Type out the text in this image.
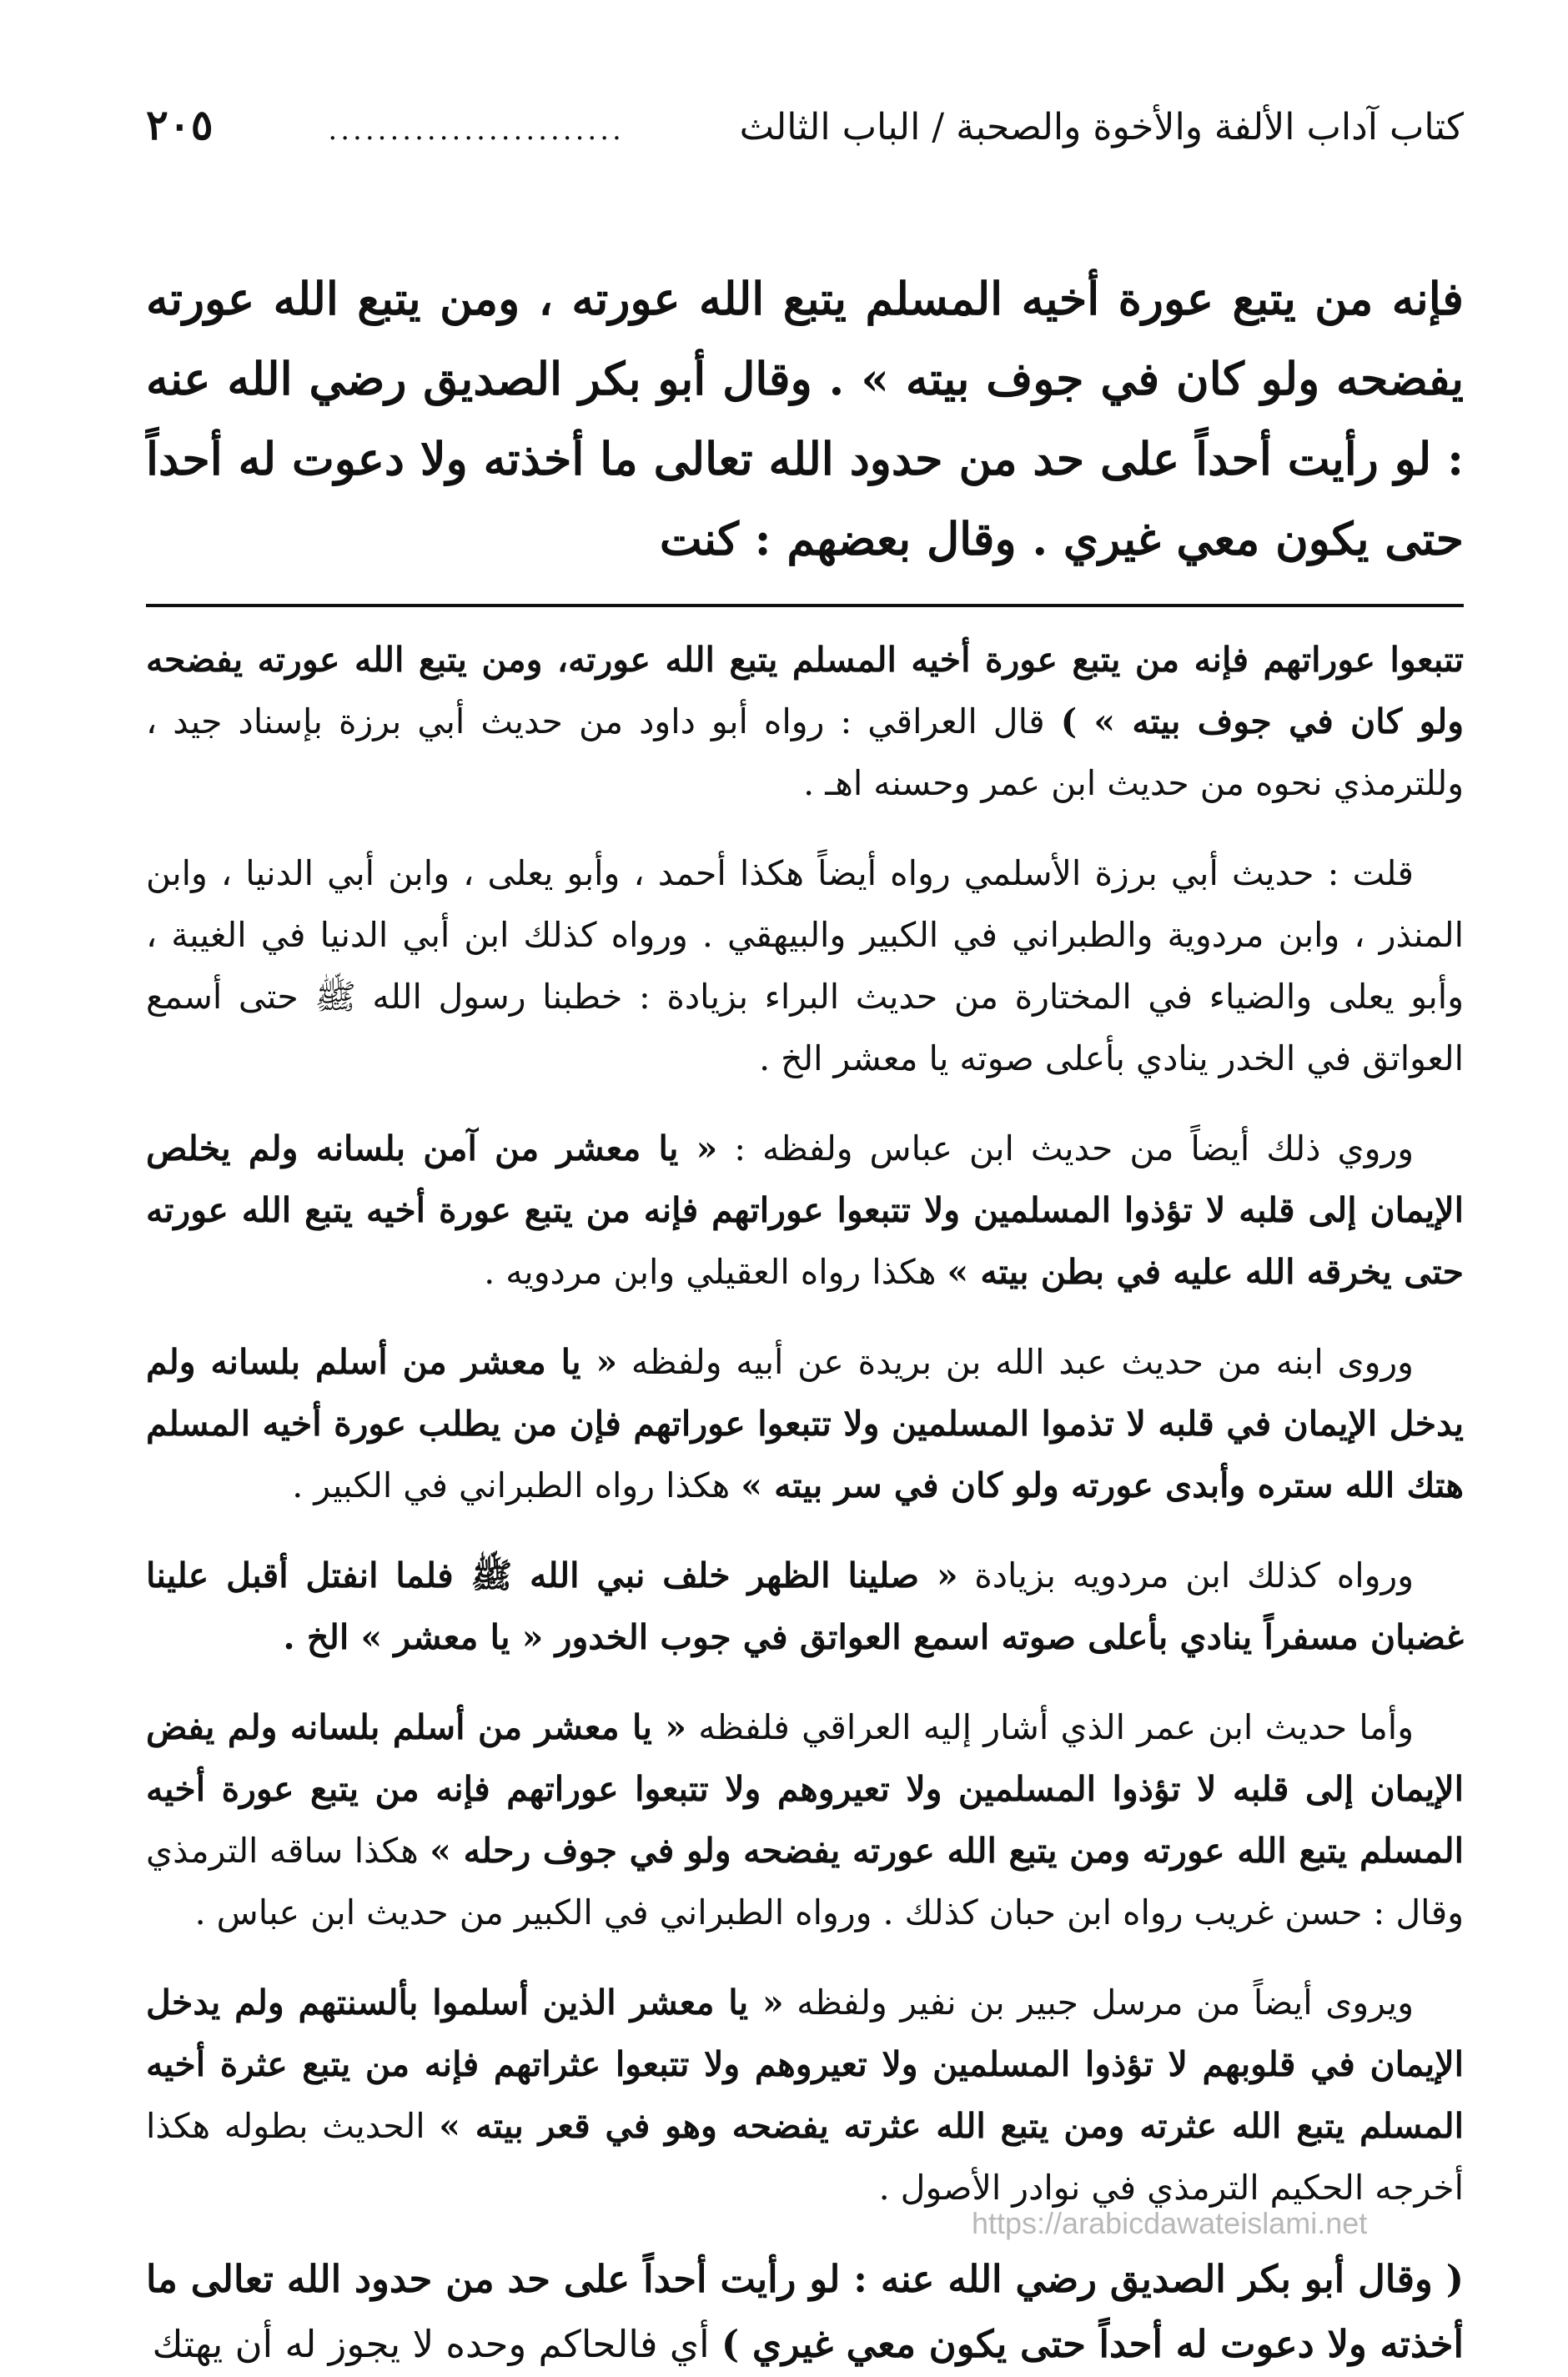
كتاب آداب الألفة والأخوة والصحبة / الباب الثالث
........................
٢٠٥
فإنه من يتبع عورة أخيه المسلم يتبع الله عورته ، ومن يتبع الله عورته يفضحه ولو كان في جوف بيته » . وقال أبو بكر الصديق رضي الله عنه : لو رأيت أحداً على حد من حدود الله تعالى ما أخذته ولا دعوت له أحداً حتى يكون معي غيري . وقال بعضهم : كنت

تتبعوا عوراتهم فإنه من يتبع عورة أخيه المسلم يتبع الله عورته، ومن يتبع الله عورته يفضحه ولو كان في جوف بيته » ) قال العراقي : رواه أبو داود من حديث أبي برزة بإسناد جيد ، وللترمذي نحوه من حديث ابن عمر وحسنه اهـ .

قلت : حديث أبي برزة الأسلمي رواه أيضاً هكذا أحمد ، وأبو يعلى ، وابن أبي الدنيا ، وابن المنذر ، وابن مردوية والطبراني في الكبير والبيهقي . ورواه كذلك ابن أبي الدنيا في الغيبة ، وأبو يعلى والضياء في المختارة من حديث البراء بزيادة : خطبنا رسول الله ﷺ حتى أسمع العواتق في الخدر ينادي بأعلى صوته يا معشر الخ .

وروي ذلك أيضاً من حديث ابن عباس ولفظه : « يا معشر من آمن بلسانه ولم يخلص الإيمان إلى قلبه لا تؤذوا المسلمين ولا تتبعوا عوراتهم فإنه من يتبع عورة أخيه يتبع الله عورته حتى يخرقه الله عليه في بطن بيته » هكذا رواه العقيلي وابن مردويه .

وروى ابنه من حديث عبد الله بن بريدة عن أبيه ولفظه « يا معشر من أسلم بلسانه ولم يدخل الإيمان في قلبه لا تذموا المسلمين ولا تتبعوا عوراتهم فإن من يطلب عورة أخيه المسلم هتك الله ستره وأبدى عورته ولو كان في سر بيته » هكذا رواه الطبراني في الكبير .

ورواه كذلك ابن مردويه بزيادة « صلينا الظهر خلف نبي الله ﷺ فلما انفتل أقبل علينا غضبان مسفراً ينادي بأعلى صوته اسمع العواتق في جوب الخدور « يا معشر » الخ .

وأما حديث ابن عمر الذي أشار إليه العراقي فلفظه « يا معشر من أسلم بلسانه ولم يفض الإيمان إلى قلبه لا تؤذوا المسلمين ولا تعيروهم ولا تتبعوا عوراتهم فإنه من يتبع عورة أخيه المسلم يتبع الله عورته ومن يتبع الله عورته يفضحه ولو في جوف رحله » هكذا ساقه الترمذي وقال : حسن غريب رواه ابن حبان كذلك . ورواه الطبراني في الكبير من حديث ابن عباس .

ويروى أيضاً من مرسل جبير بن نفير ولفظه « يا معشر الذين أسلموا بألسنتهم ولم يدخل الإيمان في قلوبهم لا تؤذوا المسلمين ولا تعيروهم ولا تتبعوا عثراتهم فإنه من يتبع عثرة أخيه المسلم يتبع الله عثرته ومن يتبع الله عثرته يفضحه وهو في قعر بيته » الحديث بطوله هكذا أخرجه الحكيم الترمذي في نوادر الأصول .

( وقال أبو بكر الصديق رضي الله عنه : لو رأيت أحداً على حد من حدود الله تعالى ما أخذته ولا دعوت له أحداً حتى يكون معي غيري ) أي فالحاكم وحده لا يجوز له أن يهتك
https://arabicdawateislami.net
